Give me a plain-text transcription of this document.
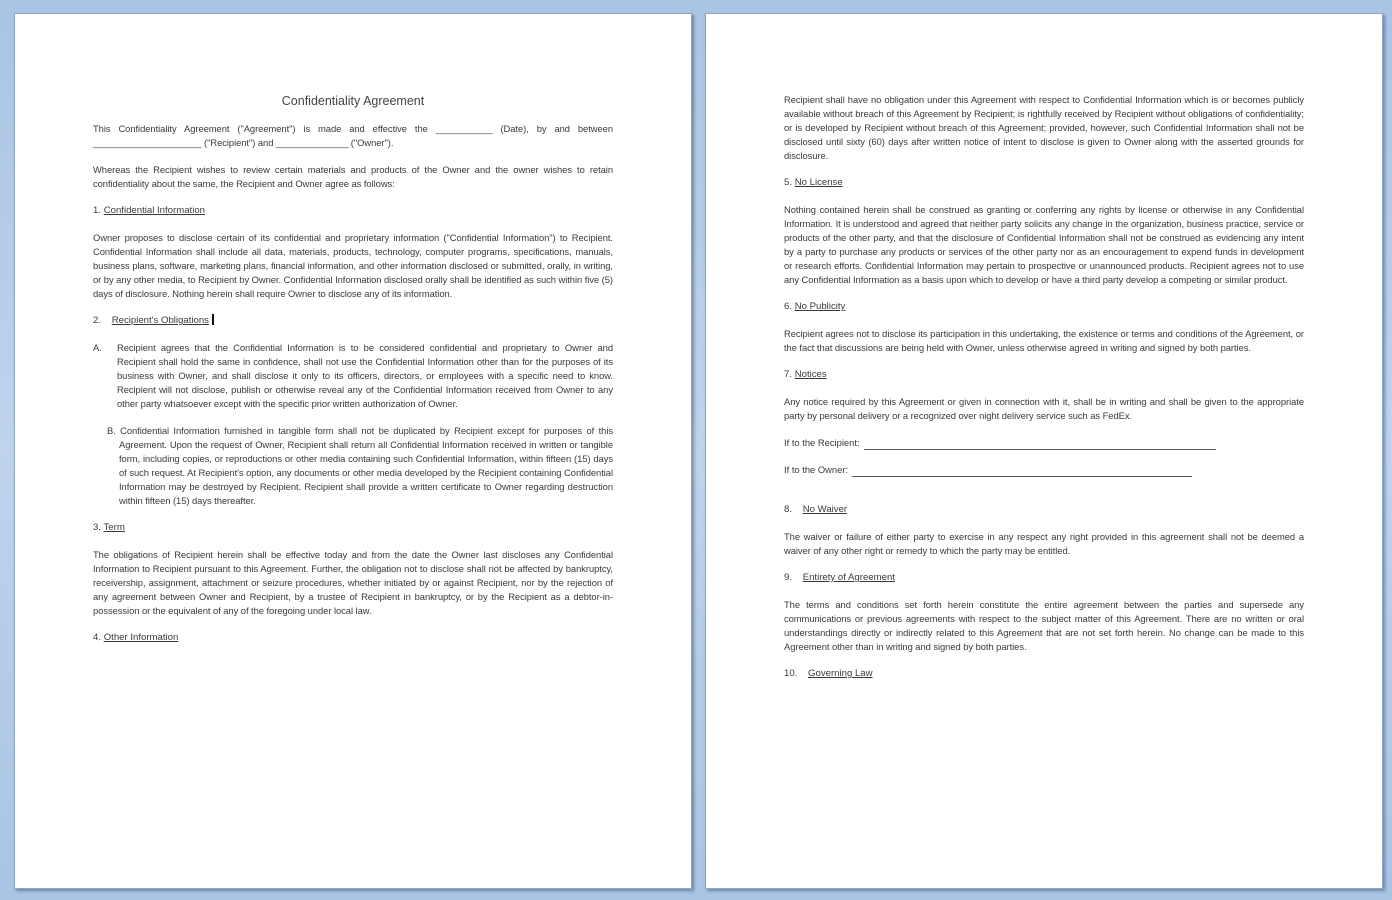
Confidentiality Agreement

This Confidentiality Agreement ("Agreement") is made and effective the ___________ (Date), by and between _____________________ ("Recipient") and ______________ ("Owner").

Whereas the Recipient wishes to review certain materials and products of the Owner and the owner wishes to retain confidentiality about the same, the Recipient and Owner agree as follows:

1. Confidential Information

Owner proposes to disclose certain of its confidential and proprietary information ("Confidential Information") to Recipient. Confidential Information shall include all data, materials, products, technology, computer programs, specifications, manuals, business plans, software, marketing plans, financial information, and other information disclosed or submitted, orally, in writing, or by any other media, to Recipient by Owner. Confidential Information disclosed orally shall be identified as such within five (5) days of disclosure. Nothing herein shall require Owner to disclose any of its information.

2. Recipient's Obligations
A.	Recipient agrees that the Confidential Information is to be considered confidential and proprietary to Owner and Recipient shall hold the same in confidence, shall not use the Confidential Information other than for the purposes of its business with Owner, and shall disclose it only to its officers, directors, or employees with a specific need to know. Recipient will not disclose, publish or otherwise reveal any of the Confidential Information received from Owner to any other party whatsoever except with the specific prior written authorization of Owner.

B. Confidential Information furnished in tangible form shall not be duplicated by Recipient except for purposes of this Agreement. Upon the request of Owner, Recipient shall return all Confidential Information received in written or tangible form, including copies, or reproductions or other media containing such Confidential Information, within fifteen (15) days of such request. At Recipient's option, any documents or other media developed by the Recipient containing Confidential Information may be destroyed by Recipient. Recipient shall provide a written certificate to Owner regarding destruction within fifteen (15) days thereafter.

3. Term

The obligations of Recipient herein shall be effective today and from the date the Owner last discloses any Confidential Information to Recipient pursuant to this Agreement. Further, the obligation not to disclose shall not be affected by bankruptcy, receivership, assignment, attachment or seizure procedures, whether initiated by or against Recipient, nor by the rejection of any agreement between Owner and Recipient, by a trustee of Recipient in bankruptcy, or by the Recipient as a debtor-in-possession or the equivalent of any of the foregoing under local law.

4. Other Information

Recipient shall have no obligation under this Agreement with respect to Confidential Information which is or becomes publicly available without breach of this Agreement by Recipient; is rightfully received by Recipient without obligations of confidentiality; or is developed by Recipient without breach of this Agreement; provided, however, such Confidential Information shall not be disclosed until sixty (60) days after written notice of intent to disclose is given to Owner along with the asserted grounds for disclosure.

5. No License

Nothing contained herein shall be construed as granting or conferring any rights by license or otherwise in any Confidential Information. It is understood and agreed that neither party solicits any change in the organization, business practice, service or products of the other party, and that the disclosure of Confidential Information shall not be construed as evidencing any intent by a party to purchase any products or services of the other party nor as an encouragement to expend funds in development or research efforts. Confidential Information may pertain to prospective or unannounced products. Recipient agrees not to use any Confidential Information as a basis upon which to develop or have a third party develop a competing or similar product.

6. No Publicity

Recipient agrees not to disclose its participation in this undertaking, the existence or terms and conditions of the Agreement, or the fact that discussions are being held with Owner, unless otherwise agreed in writing and signed by both parties.

7. Notices

Any notice required by this Agreement or given in connection with it, shall be in writing and shall be given to the appropriate party by personal delivery or a recognized over night delivery service such as FedEx.

If to the Recipient:
If to the Owner:
8. No Waiver

The waiver or failure of either party to exercise in any respect any right provided in this agreement shall not be deemed a waiver of any other right or remedy to which the party may be entitled.

9. Entirety of Agreement

The terms and conditions set forth herein constitute the entire agreement between the parties and supersede any communications or previous agreements with respect to the subject matter of this Agreement. There are no written or oral understandings directly or indirectly related to this Agreement that are not set forth herein. No change can be made to this Agreement other than in writing and signed by both parties.

10. Governing Law
